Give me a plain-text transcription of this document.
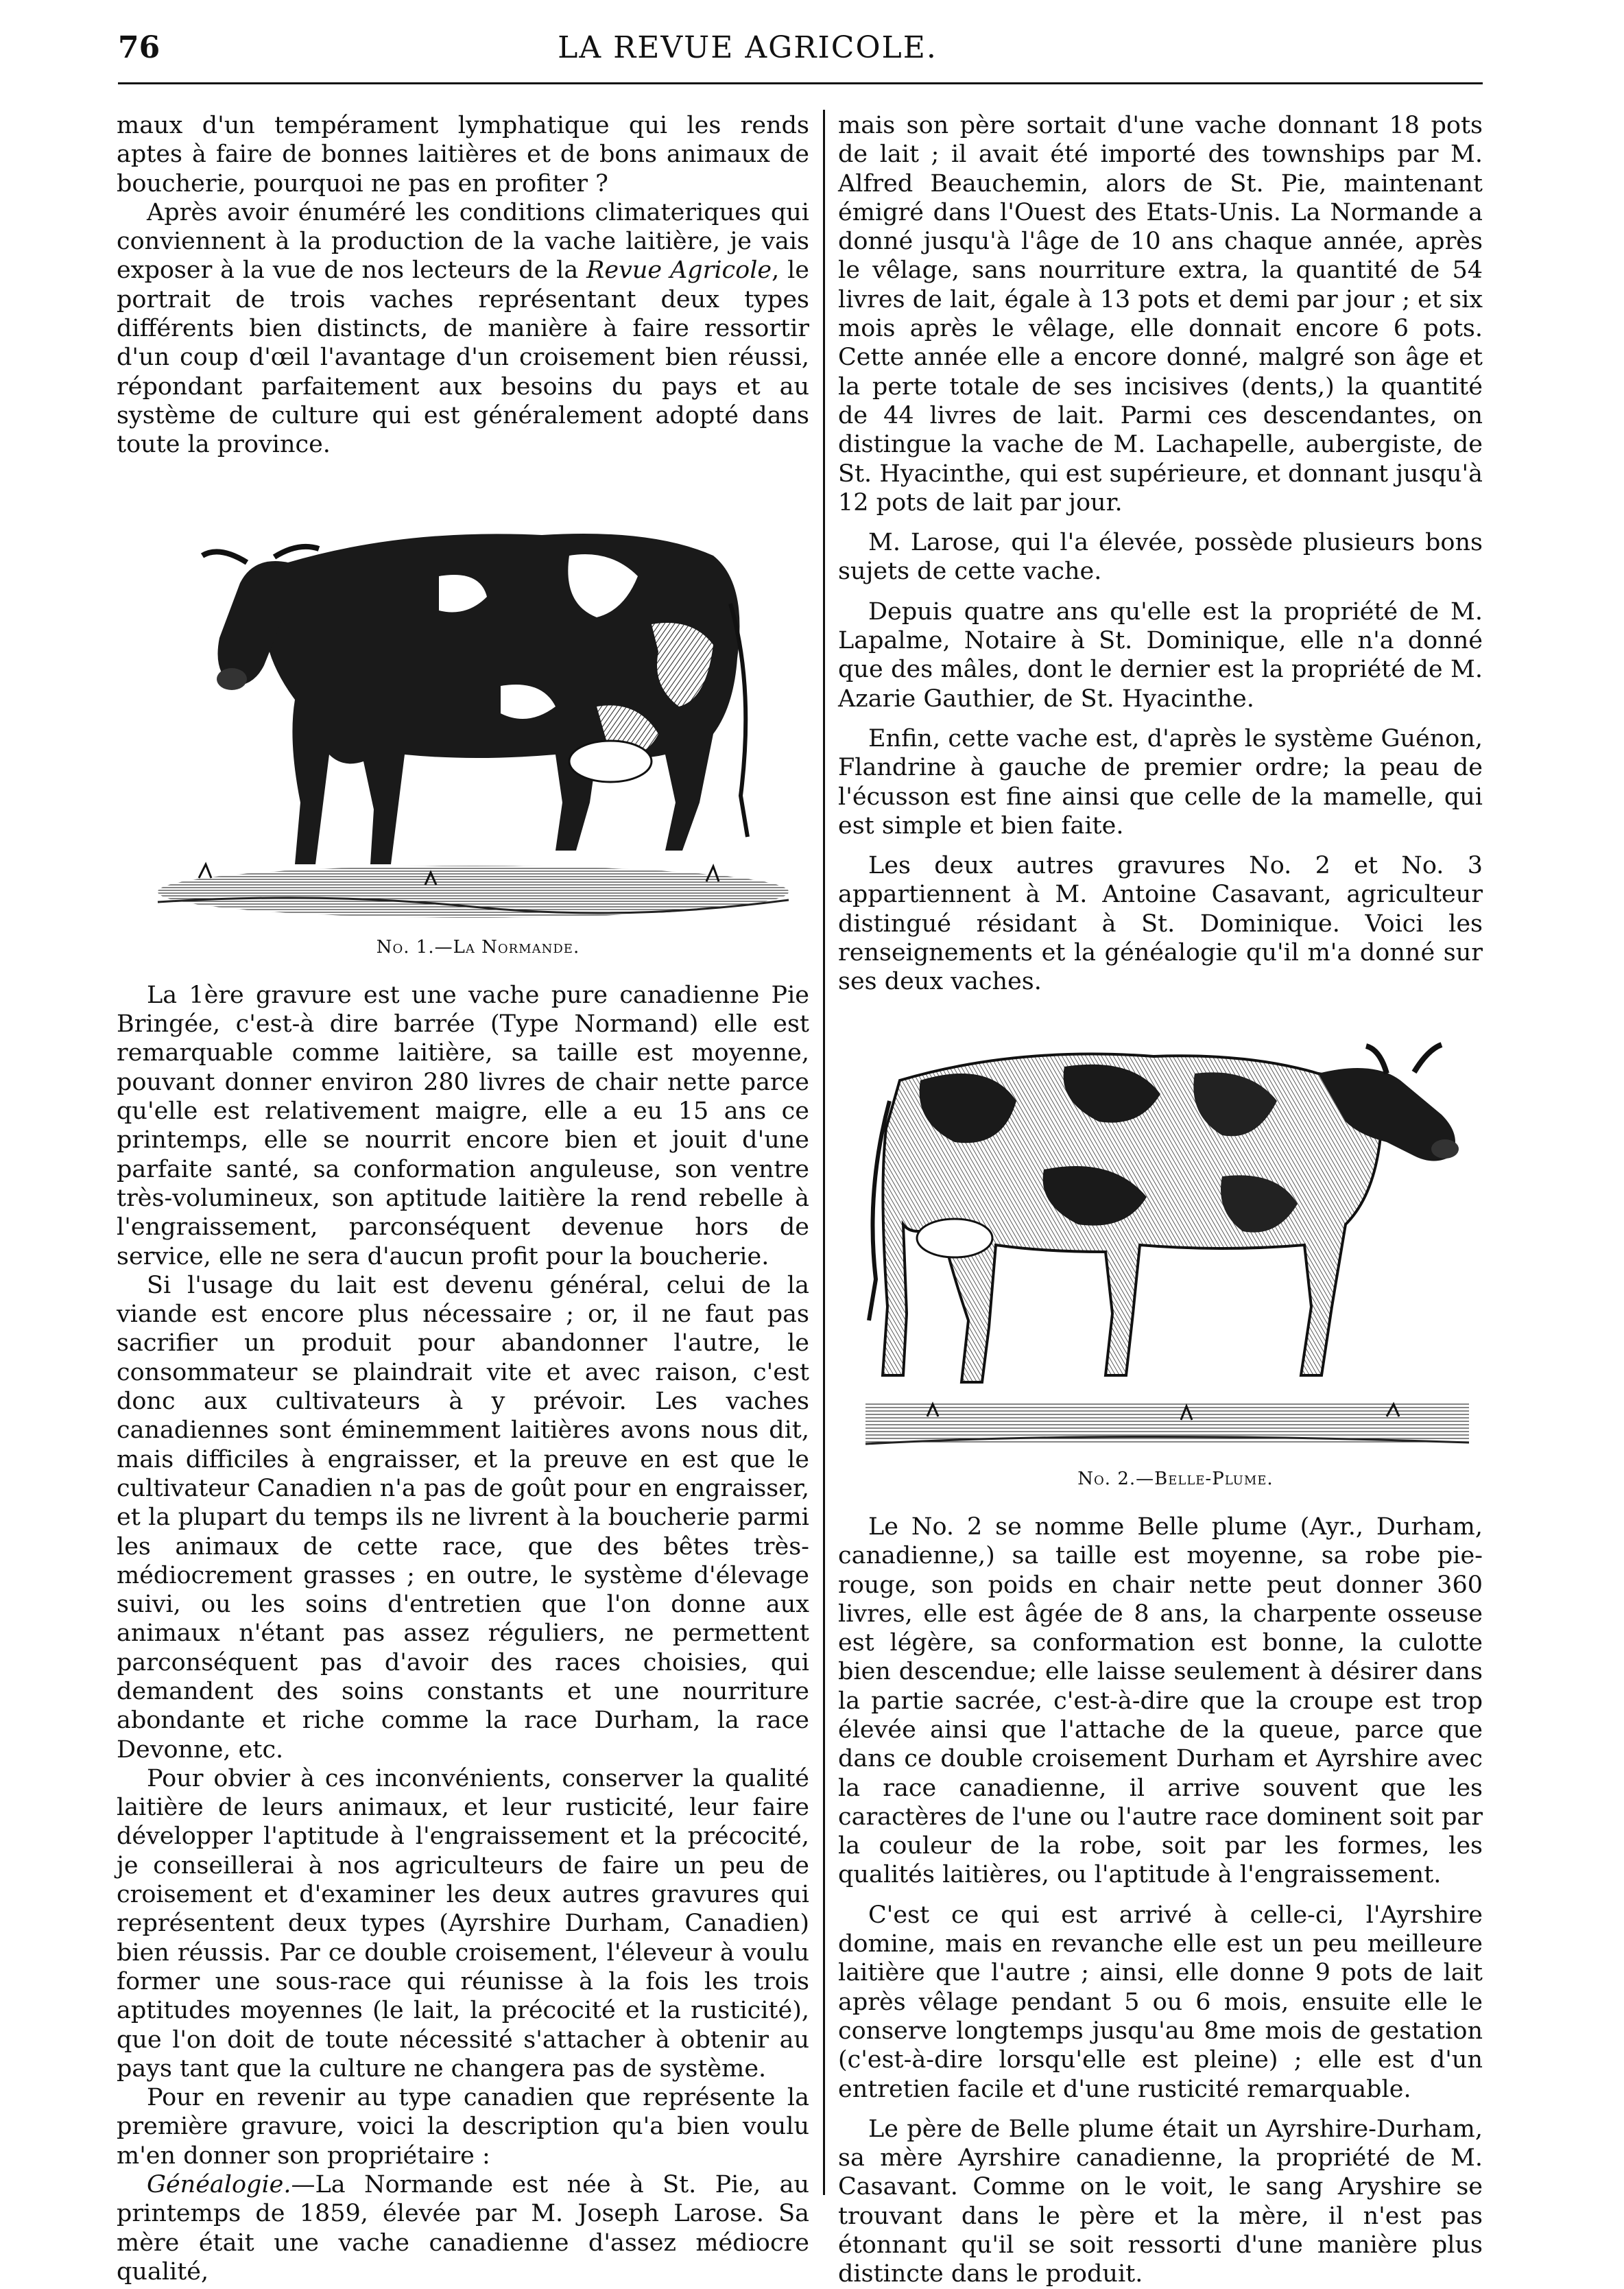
76	LA REVUE AGRICOLE.

maux d'un tempérament lymphatique qui les rends aptes à faire de bonnes laitières et de bons animaux de boucherie, pourquoi ne pas en profiter ?

Après avoir énuméré les conditions climateriques qui conviennent à la production de la vache laitière, je vais exposer à la vue de nos lecteurs de la Revue Agricole, le portrait de trois vaches représentant deux types différents bien distincts, de manière à faire ressortir d'un coup d'œil l'avantage d'un croisement bien réussi, répondant parfaitement aux besoins du pays et au système de culture qui est généralement adopté dans toute la province.

No. 1.—La Normande.

La 1ère gravure est une vache pure canadienne Pie Bringée, c'est-à dire barrée (Type Normand) elle est remarquable comme laitière, sa taille est moyenne, pouvant donner environ 280 livres de chair nette parce qu'elle est relativement maigre, elle a eu 15 ans ce printemps, elle se nourrit encore bien et jouit d'une parfaite santé, sa conformation anguleuse, son ventre très-volumineux, son aptitude laitière la rend rebelle à l'engraissement, parconséquent devenue hors de service, elle ne sera d'aucun profit pour la boucherie.

Si l'usage du lait est devenu général, celui de la viande est encore plus nécessaire ; or, il ne faut pas sacrifier un produit pour abandonner l'autre, le consommateur se plaindrait vite et avec raison, c'est donc aux cultivateurs à y prévoir. Les vaches canadiennes sont éminemment laitières avons nous dit, mais difficiles à engraisser, et la preuve en est que le cultivateur Canadien n'a pas de goût pour en engraisser, et la plupart du temps ils ne livrent à la boucherie parmi les animaux de cette race, que des bêtes très-médiocrement grasses ; en outre, le système d'élevage suivi, ou les soins d'entretien que l'on donne aux animaux n'étant pas assez réguliers, ne permettent parconséquent pas d'avoir des races choisies, qui demandent des soins constants et une nourriture abondante et riche comme la race Durham, la race Devonne, etc.

Pour obvier à ces inconvénients, conserver la qualité laitière de leurs animaux, et leur rusticité, leur faire développer l'aptitude à l'engraissement et la précocité, je conseillerai à nos agriculteurs de faire un peu de croisement et d'examiner les deux autres gravures qui représentent deux types (Ayrshire Durham, Canadien) bien réussis. Par ce double croisement, l'éleveur à voulu former une sous-race qui réunisse à la fois les trois aptitudes moyennes (le lait, la précocité et la rusticité), que l'on doit de toute nécessité s'attacher à obtenir au pays tant que la culture ne changera pas de système.

Pour en revenir au type canadien que représente la première gravure, voici la description qu'a bien voulu m'en donner son propriétaire :

Généalogie.—La Normande est née à St. Pie, au printemps de 1859, élevée par M. Joseph Larose. Sa mère était une vache canadienne d'assez médiocre qualité,

mais son père sortait d'une vache donnant 18 pots de lait ; il avait été importé des townships par M. Alfred Beauchemin, alors de St. Pie, maintenant émigré dans l'Ouest des Etats-Unis. La Normande a donné jusqu'à l'âge de 10 ans chaque année, après le vêlage, sans nourriture extra, la quantité de 54 livres de lait, égale à 13 pots et demi par jour ; et six mois après le vêlage, elle donnait encore 6 pots. Cette année elle a encore donné, malgré son âge et la perte totale de ses incisives (dents,) la quantité de 44 livres de lait. Parmi ces descendantes, on distingue la vache de M. Lachapelle, aubergiste, de St. Hyacinthe, qui est supérieure, et donnant jusqu'à 12 pots de lait par jour.

M. Larose, qui l'a élevée, possède plusieurs bons sujets de cette vache.

Depuis quatre ans qu'elle est la propriété de M. Lapalme, Notaire à St. Dominique, elle n'a donné que des mâles, dont le dernier est la propriété de M. Azarie Gauthier, de St. Hyacinthe.

Enfin, cette vache est, d'après le système Guénon, Flandrine à gauche de premier ordre; la peau de l'écusson est fine ainsi que celle de la mamelle, qui est simple et bien faite.

Les deux autres gravures No. 2 et No. 3 appartiennent à M. Antoine Casavant, agriculteur distingué résidant à St. Dominique. Voici les renseignements et la généalogie qu'il m'a donné sur ses deux vaches.

No. 2.—Belle-Plume.

Le No. 2 se nomme Belle plume (Ayr., Durham, canadienne,) sa taille est moyenne, sa robe pie-rouge, son poids en chair nette peut donner 360 livres, elle est âgée de 8 ans, la charpente osseuse est légère, sa conformation est bonne, la culotte bien descendue; elle laisse seulement à désirer dans la partie sacrée, c'est-à-dire que la croupe est trop élevée ainsi que l'attache de la queue, parce que dans ce double croisement Durham et Ayrshire avec la race canadienne, il arrive souvent que les caractères de l'une ou l'autre race dominent soit par la couleur de la robe, soit par les formes, les qualités laitières, ou l'aptitude à l'engraissement.

C'est ce qui est arrivé à celle-ci, l'Ayrshire domine, mais en revanche elle est un peu meilleure laitière que l'autre ; ainsi, elle donne 9 pots de lait après vêlage pendant 5 ou 6 mois, ensuite elle le conserve longtemps jusqu'au 8me mois de gestation (c'est-à-dire lorsqu'elle est pleine) ; elle est d'un entretien facile et d'une rusticité remarquable.

Le père de Belle plume était un Ayrshire-Durham, sa mère Ayrshire canadienne, la propriété de M. Casavant. Comme on le voit, le sang Aryshire se trouvant dans le père et la mère, il n'est pas étonnant qu'il se soit ressorti d'une manière plus distincte dans le produit.
